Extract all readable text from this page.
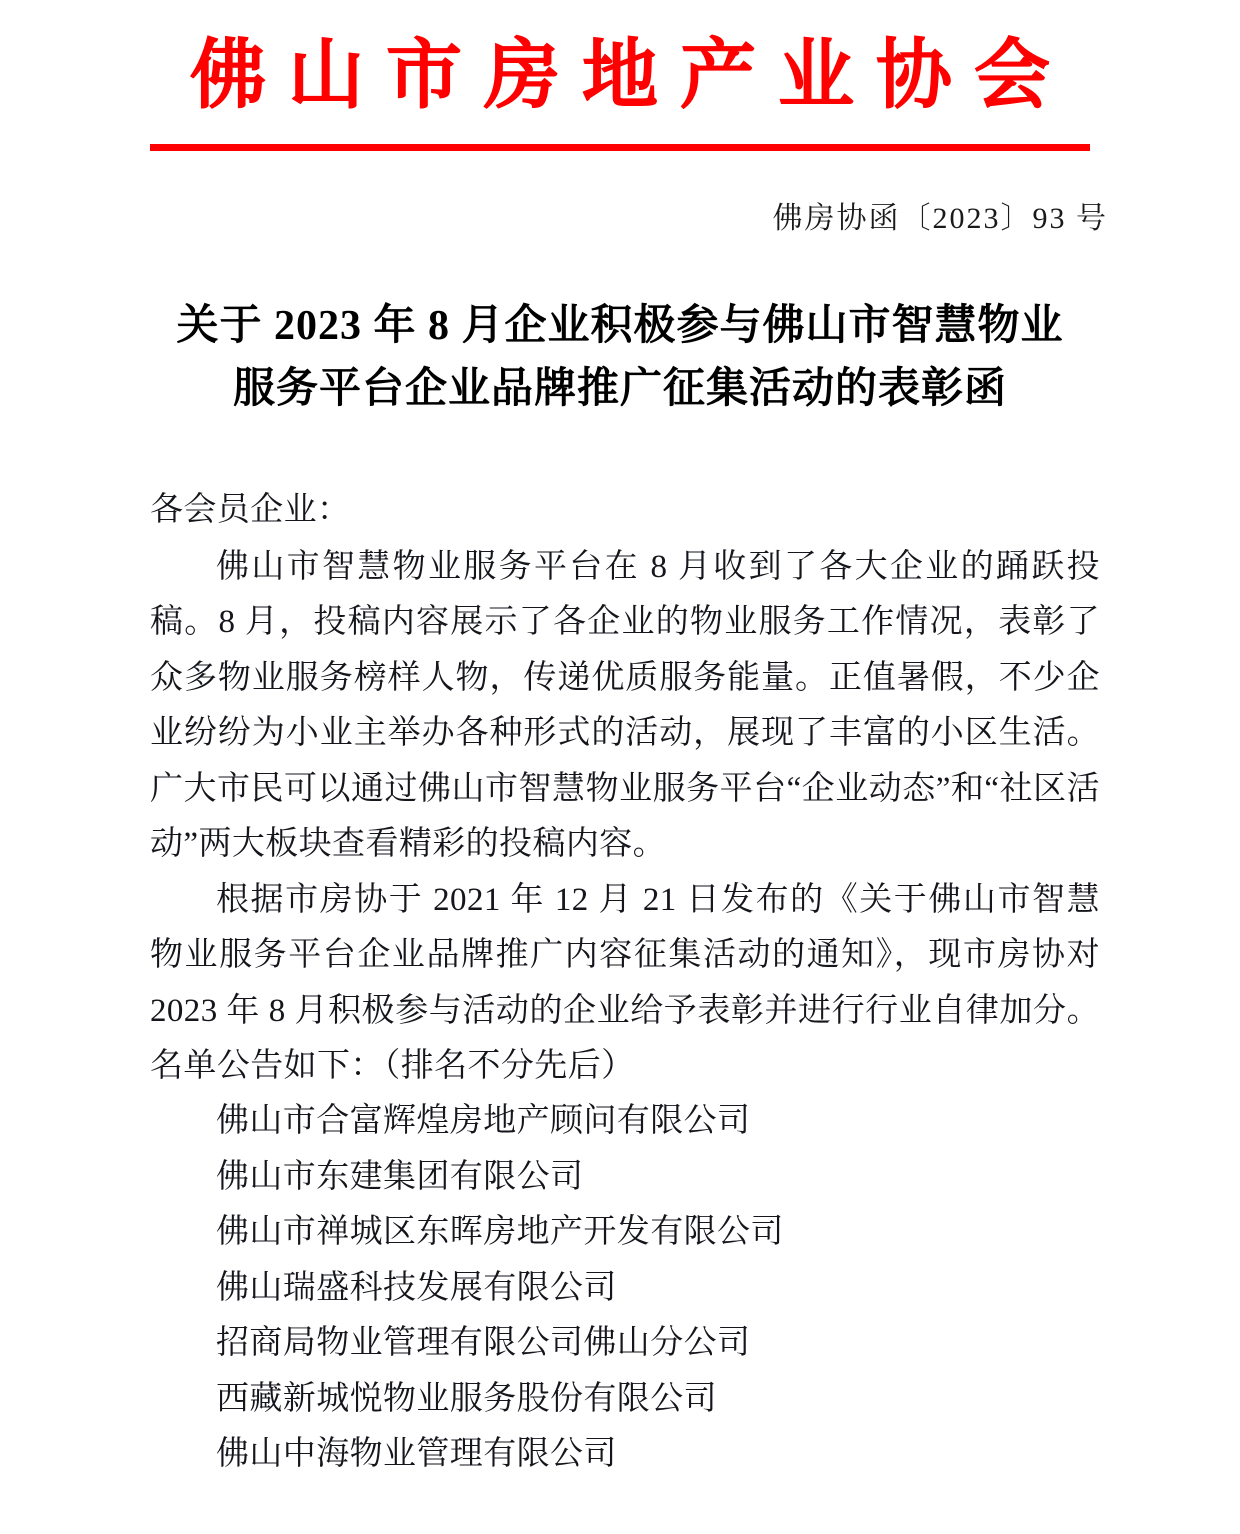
佛山市房地产业协会
佛房协函〔2023〕93 号
关于 2023 年 8 月企业积极参与佛山市智慧物业
服务平台企业品牌推广征集活动的表彰函
各会员企业：

佛山市智慧物业服务平台在 8 月收到了各大企业的踊跃投稿。8 月，投稿内容展示了各企业的物业服务工作情况，表彰了众多物业服务榜样人物，传递优质服务能量。正值暑假，不少企业纷纷为小业主举办各种形式的活动，展现了丰富的小区生活。广大市民可以通过佛山市智慧物业服务平台“企业动态”和“社区活动”两大板块查看精彩的投稿内容。

根据市房协于 2021 年 12 月 21 日发布的《关于佛山市智慧物业服务平台企业品牌推广内容征集活动的通知》，现市房协对 2023 年 8 月积极参与活动的企业给予表彰并进行行业自律加分。名单公告如下：（排名不分先后）

佛山市合富辉煌房地产顾问有限公司
佛山市东建集团有限公司
佛山市禅城区东晖房地产开发有限公司
佛山瑞盛科技发展有限公司
招商局物业管理有限公司佛山分公司
西藏新城悦物业服务股份有限公司
佛山中海物业管理有限公司
